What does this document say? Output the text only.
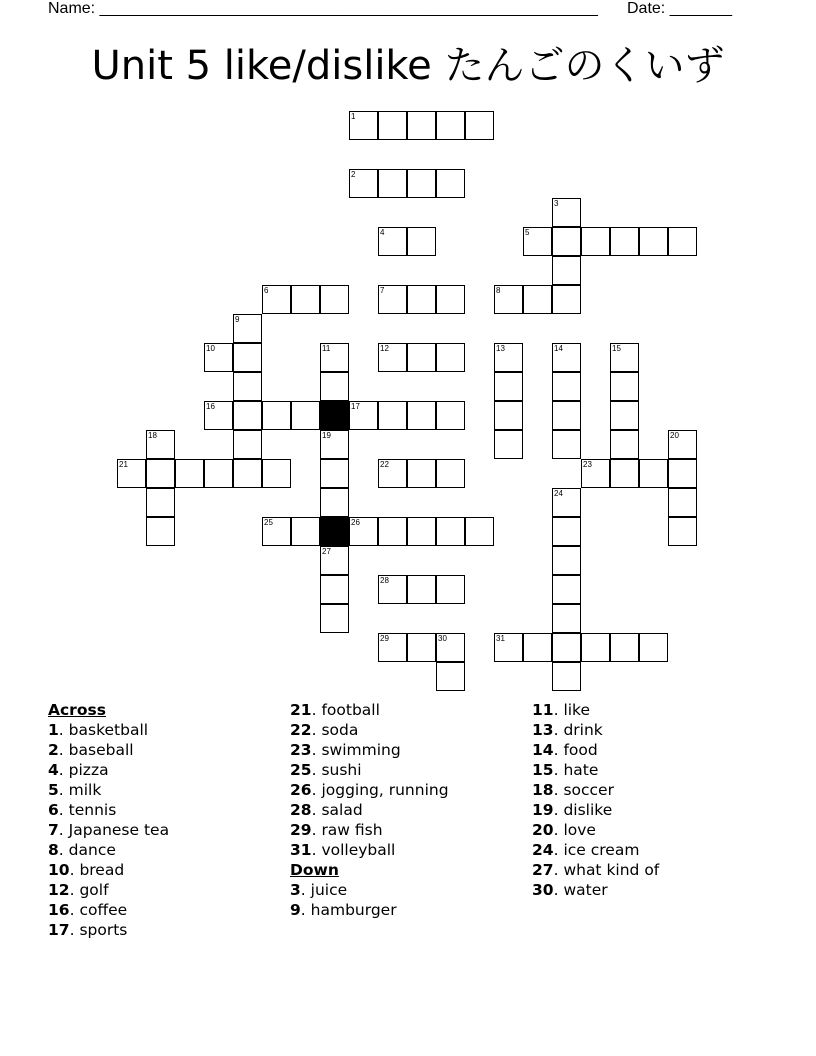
Name: ________________________________________________________ Date: _______
Unit 5 like/dislike たんごのくいず
1
2
3
4	5
6	7	8
9
10	11	12	13	14	15
16	17
18	19	20
21	22	23
24
25	26
27
28
29	30	31
Across
1. basketball
2. baseball
4. pizza
5. milk
6. tennis
7. Japanese tea
8. dance
10. bread
12. golf
16. coffee
17. sports
21. football
22. soda
23. swimming
25. sushi
26. jogging, running
28. salad
29. raw fish
31. volleyball
Down
3. juice
9. hamburger
11. like
13. drink
14. food
15. hate
18. soccer
19. dislike
20. love
24. ice cream
27. what kind of
30. water
